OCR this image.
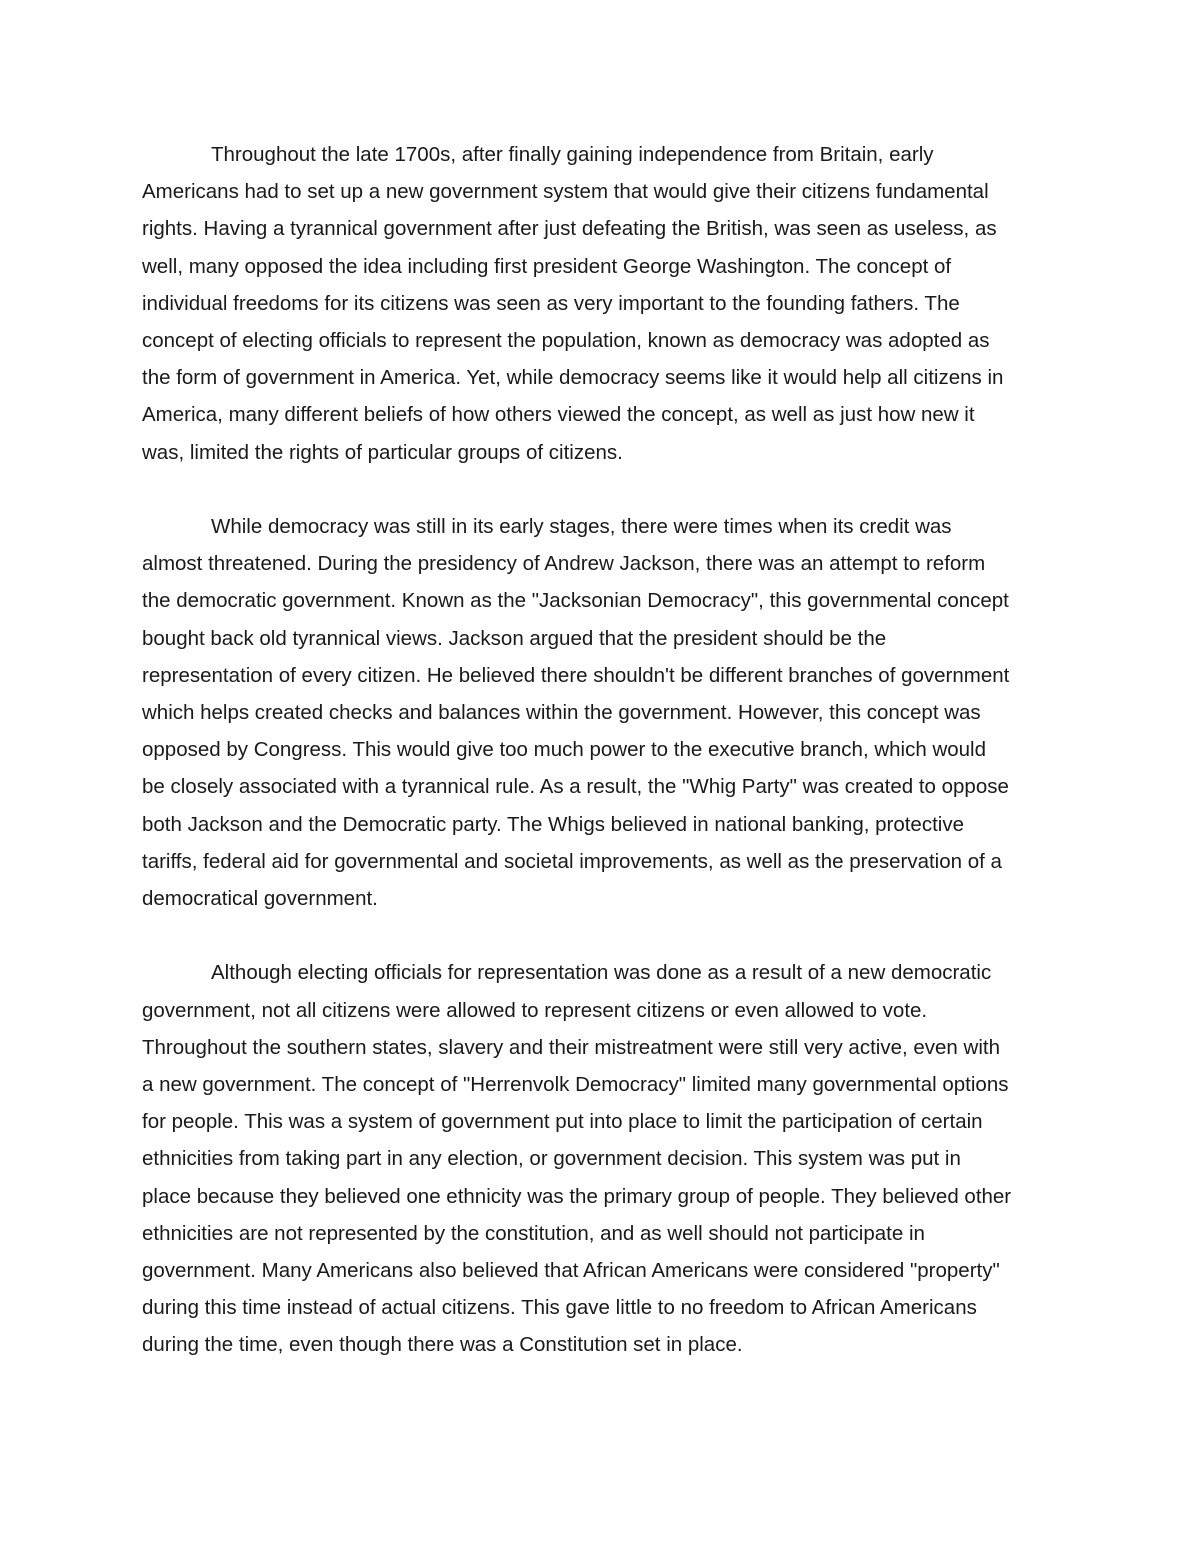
Throughout the late 1700s, after finally gaining independence from Britain, early
Americans had to set up a new government system that would give their citizens fundamental
rights. Having a tyrannical government after just defeating the British, was seen as useless, as
well, many opposed the idea including first president George Washington. The concept of
individual freedoms for its citizens was seen as very important to the founding fathers. The
concept of electing officials to represent the population, known as democracy was adopted as
the form of government in America. Yet, while democracy seems like it would help all citizens in
America, many different beliefs of how others viewed the concept, as well as just how new it
was, limited the rights of particular groups of citizens.
While democracy was still in its early stages, there were times when its credit was
almost threatened. During the presidency of Andrew Jackson, there was an attempt to reform
the democratic government. Known as the "Jacksonian Democracy", this governmental concept
bought back old tyrannical views. Jackson argued that the president should be the
representation of every citizen. He believed there shouldn't be different branches of government
which helps created checks and balances within the government. However, this concept was
opposed by Congress. This would give too much power to the executive branch, which would
be closely associated with a tyrannical rule. As a result, the "Whig Party" was created to oppose
both Jackson and the Democratic party. The Whigs believed in national banking, protective
tariffs, federal aid for governmental and societal improvements, as well as the preservation of a
democratical government.
Although electing officials for representation was done as a result of a new democratic
government, not all citizens were allowed to represent citizens or even allowed to vote.
Throughout the southern states, slavery and their mistreatment were still very active, even with
a new government. The concept of "Herrenvolk Democracy" limited many governmental options
for people. This was a system of government put into place to limit the participation of certain
ethnicities from taking part in any election, or government decision. This system was put in
place because they believed one ethnicity was the primary group of people. They believed other
ethnicities are not represented by the constitution, and as well should not participate in
government. Many Americans also believed that African Americans were considered "property"
during this time instead of actual citizens. This gave little to no freedom to African Americans
during the time, even though there was a Constitution set in place.
